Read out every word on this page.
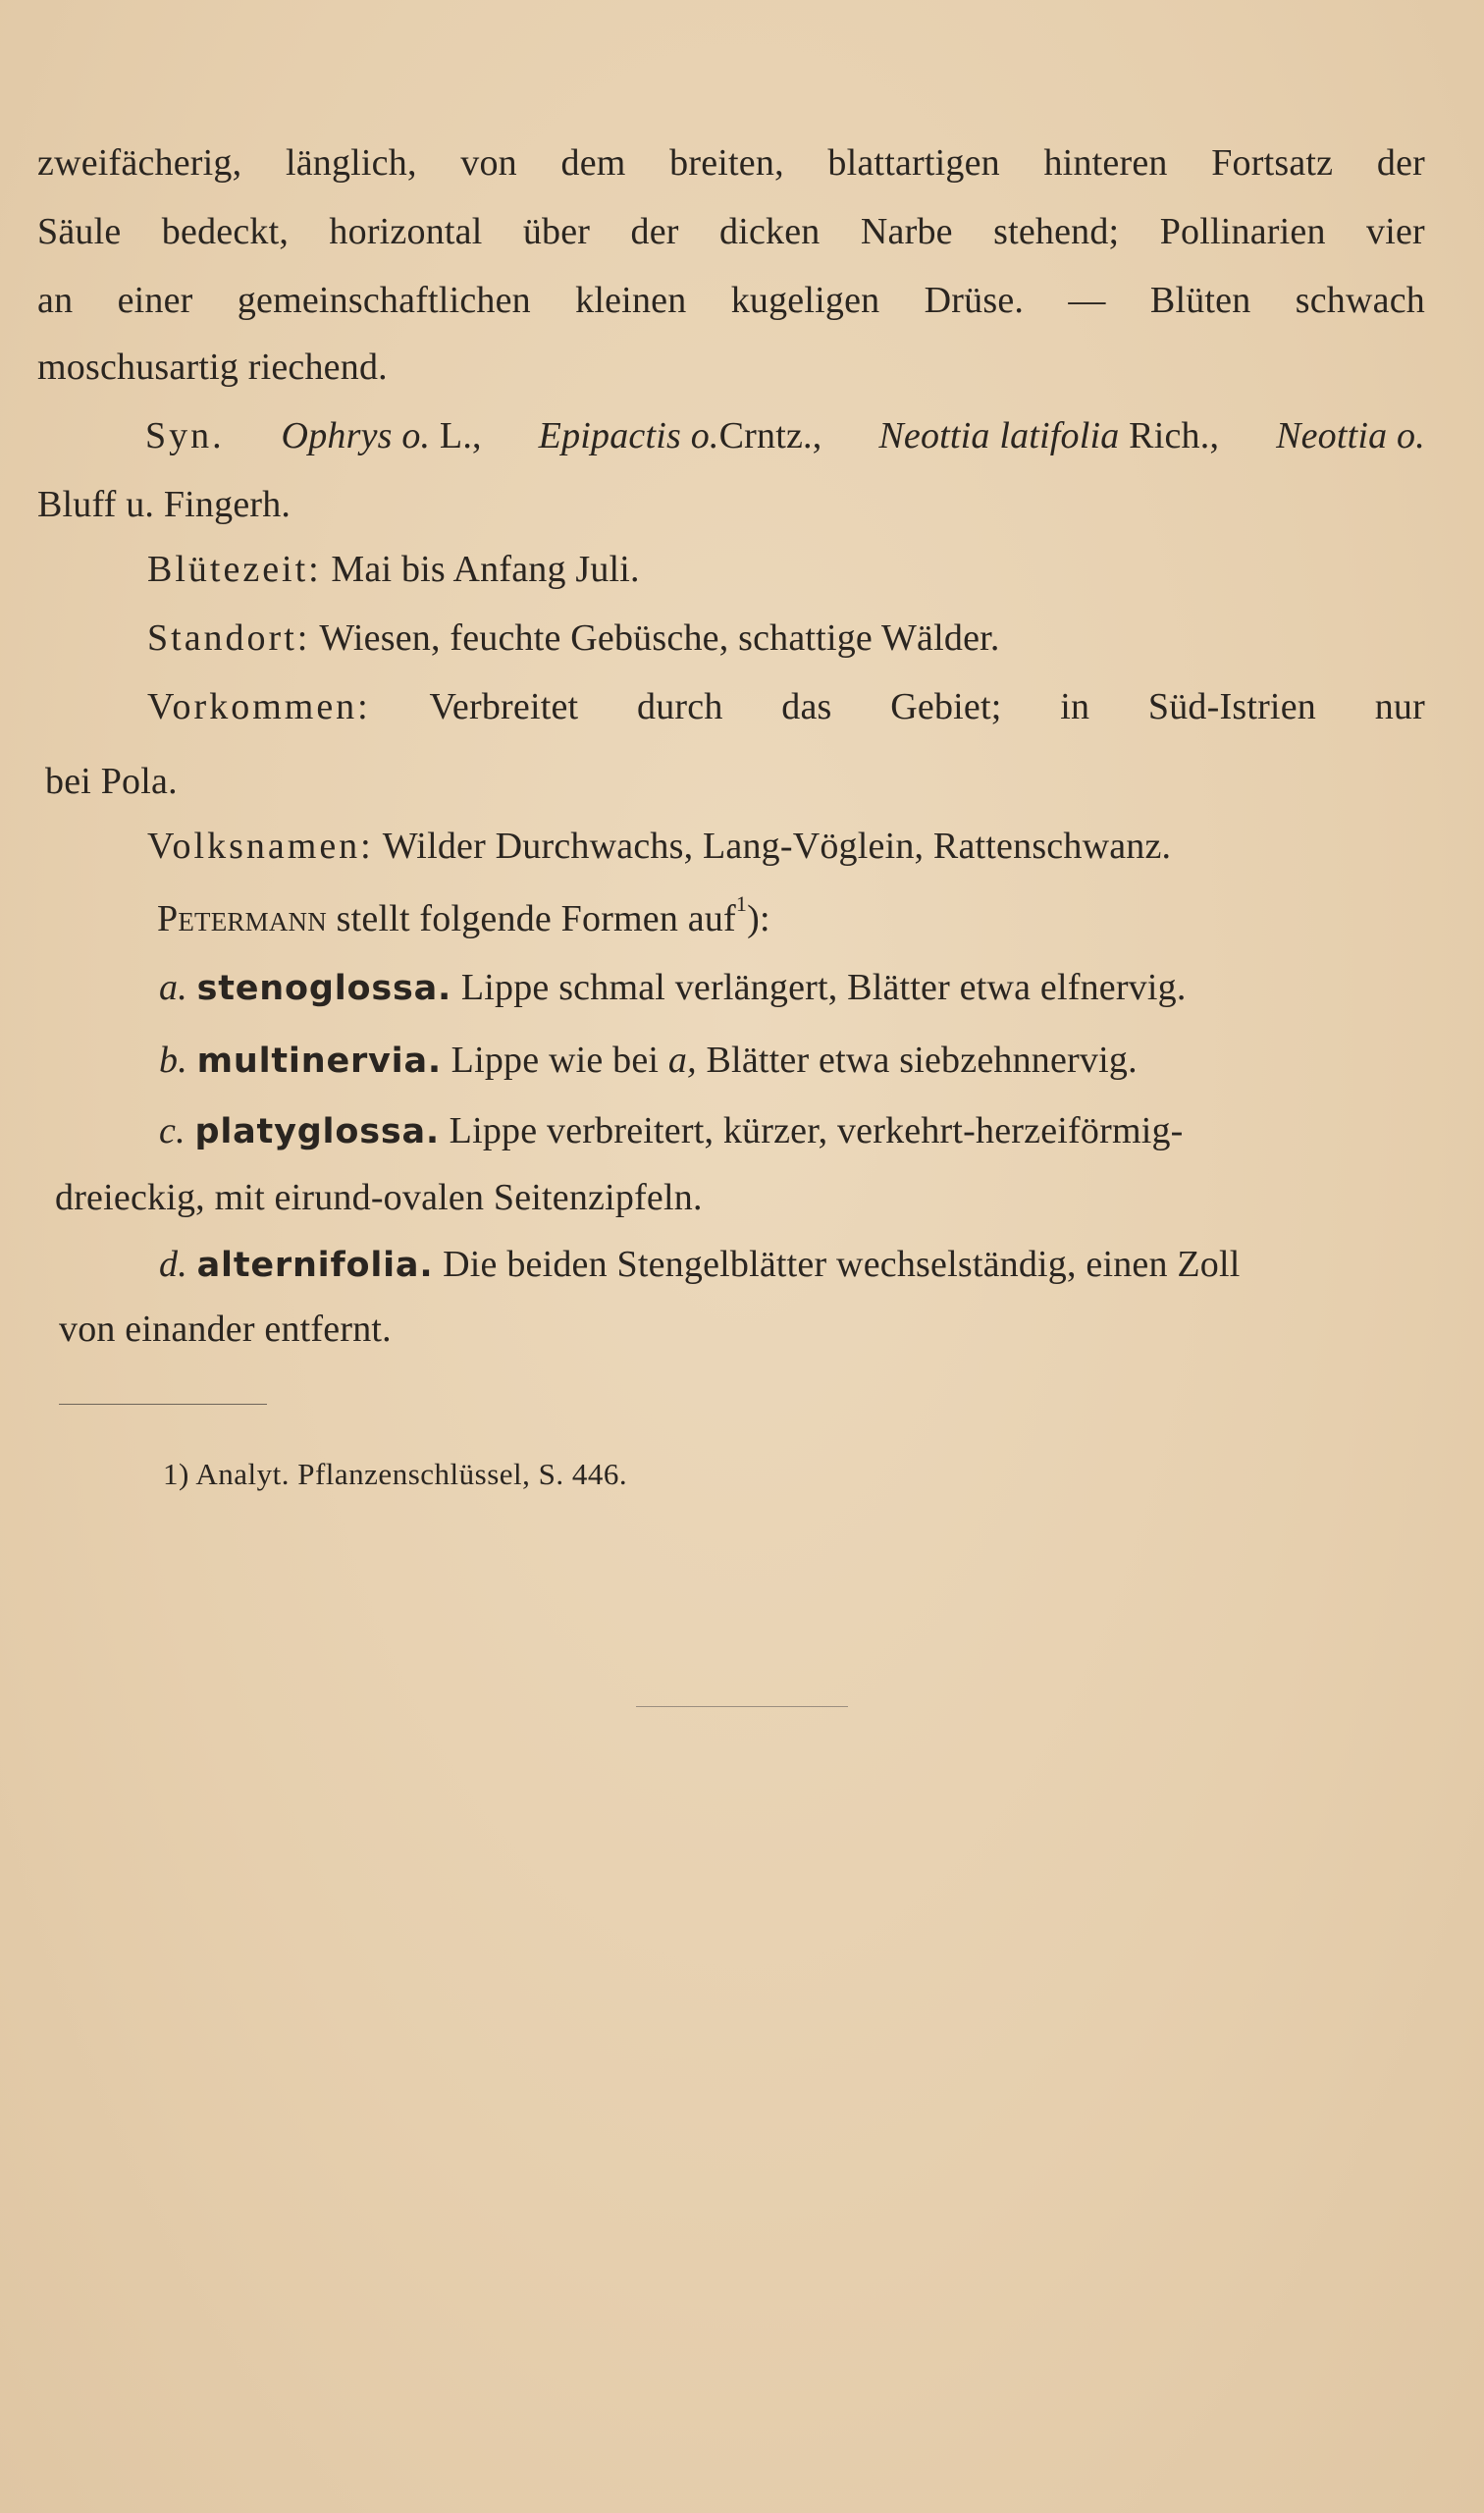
zweifächerig, länglich, von dem breiten, blattartigen hinteren Fortsatz der
Säule bedeckt, horizontal über der dicken Narbe stehend; Pollinarien vier
an einer gemeinschaftlichen kleinen kugeligen Drüse. — Blüten schwach
moschusartig riechend.
Syn. Ophrys o. L., Epipactis o.Crntz., Neottia latifolia Rich., Neottia o.
Bluff u. Fingerh.
Blütezeit: Mai bis Anfang Juli.
Standort: Wiesen, feuchte Gebüsche, schattige Wälder.
Vorkommen: Verbreitet durch das Gebiet; in Süd-Istrien nur
bei Pola.
Volksnamen: Wilder Durchwachs, Lang-Vöglein, Rattenschwanz.
Petermann stellt folgende Formen auf$^1$):
a. stenoglossa. Lippe schmal verlängert, Blätter etwa elfnervig.
b. multinervia. Lippe wie bei a, Blätter etwa siebzehnnervig.
c. platyglossa. Lippe verbreitert, kürzer, verkehrt-herzeiförmig-
dreieckig, mit eirund-ovalen Seitenzipfeln.
d. alternifolia. Die beiden Stengelblätter wechselständig, einen Zoll
von einander entfernt.
1) Analyt. Pflanzenschlüssel, S. 446.
